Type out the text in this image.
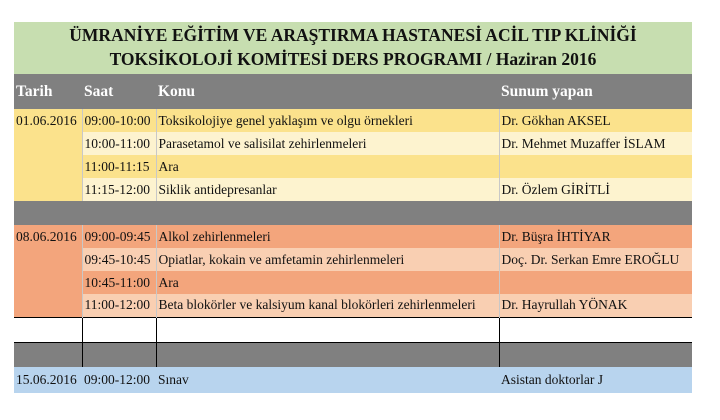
ÜMRANİYE EĞİTİM VE ARAŞTIRMA HASTANESİ ACİL TIP KLİNİĞİ
TOKSİKOLOJİ KOMİTESİ DERS PROGRAMI / Haziran 2016
Tarih	Saat	Konu	Sunum yapan
01.06.2016	09:00-10:00	Toksikolojiye genel yaklaşım ve olgu örnekleri	Dr. Gökhan AKSEL
	10:00-11:00	Parasetamol ve salisilat zehirlenmeleri	Dr. Mehmet Muzaffer İSLAM
	11:00-11:15	Ara	
	11:15-12:00	Siklik antidepresanlar	Dr. Özlem GİRİTLİ

08.06.2016	09:00-09:45	Alkol zehirlenmeleri	Dr. Büşra İHTİYAR
	09:45-10:45	Opiatlar, kokain ve amfetamin zehirlenmeleri	Doç. Dr. Serkan Emre EROĞLU
	10:45-11:00	Ara	
	11:00-12:00	Beta blokörler ve kalsiyum kanal blokörleri zehirlenmeleri	Dr. Hayrullah YÖNAK

15.06.2016	09:00-12:00	Sınav	Asistan doktorlar J
